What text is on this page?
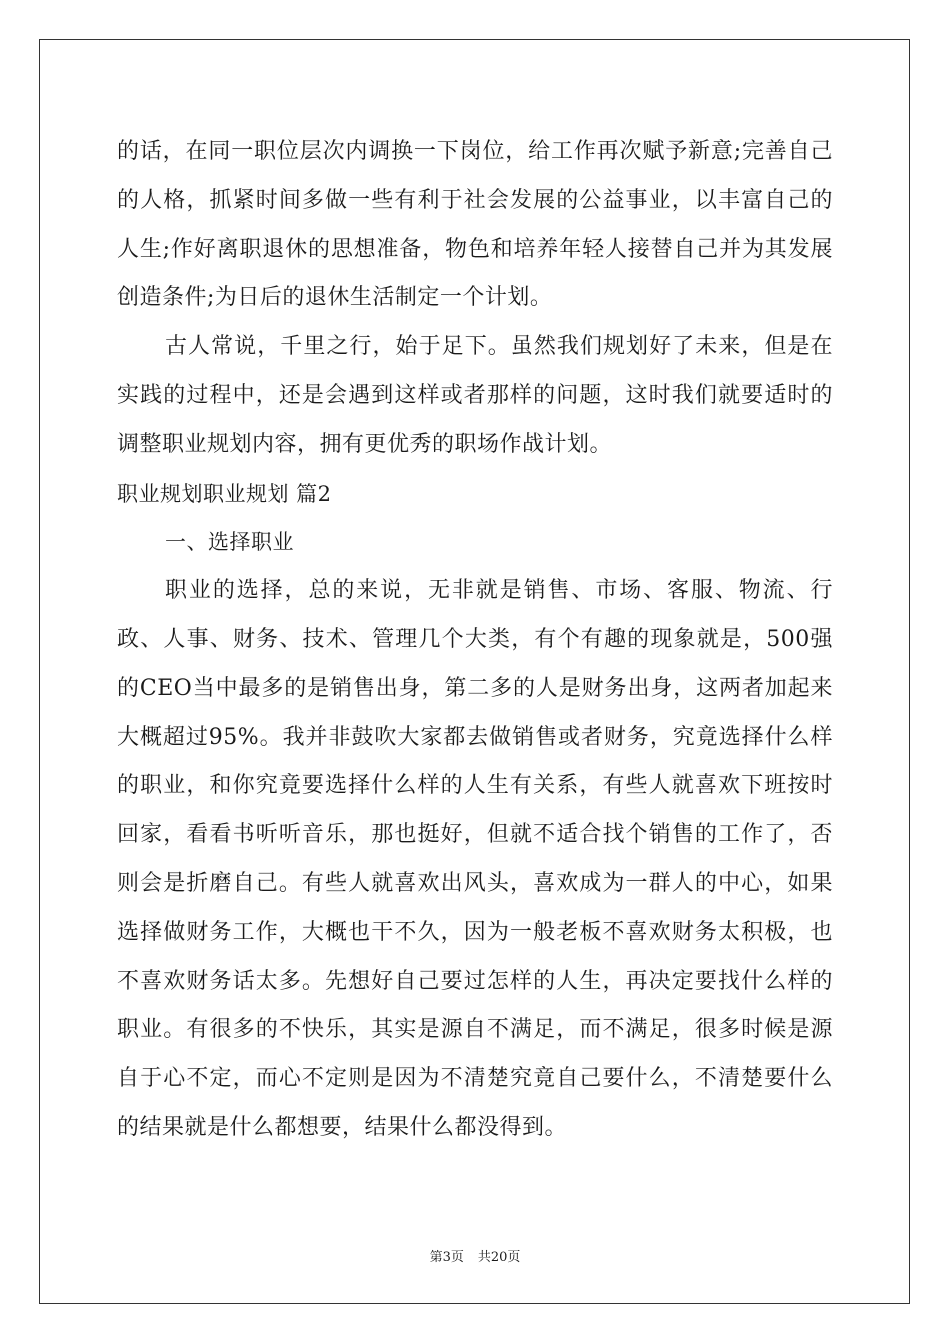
的话，在同一职位层次内调换一下岗位，给工作再次赋予新意;完善自己的人格，抓紧时间多做一些有利于社会发展的公益事业，以丰富自己的人生;作好离职退休的思想准备，物色和培养年轻人接替自己并为其发展创造条件;为日后的退休生活制定一个计划。

古人常说，千里之行，始于足下。虽然我们规划好了未来，但是在实践的过程中，还是会遇到这样或者那样的问题，这时我们就要适时的调整职业规划内容，拥有更优秀的职场作战计划。

职业规划职业规划 篇2

一、选择职业

职业的选择，总的来说，无非就是销售、市场、客服、物流、行政、人事、财务、技术、管理几个大类，有个有趣的现象就是，500强的CEO当中最多的是销售出身，第二多的人是财务出身，这两者加起来大概超过95%。我并非鼓吹大家都去做销售或者财务，究竟选择什么样的职业，和你究竟要选择什么样的人生有关系，有些人就喜欢下班按时回家，看看书听听音乐，那也挺好，但就不适合找个销售的工作了，否则会是折磨自己。有些人就喜欢出风头，喜欢成为一群人的中心，如果选择做财务工作，大概也干不久，因为一般老板不喜欢财务太积极，也不喜欢财务话太多。先想好自己要过怎样的人生，再决定要找什么样的职业。有很多的不快乐，其实是源自不满足，而不满足，很多时候是源自于心不定，而心不定则是因为不清楚究竟自己要什么，不清楚要什么的结果就是什么都想要，结果什么都没得到。

第3页 共20页
